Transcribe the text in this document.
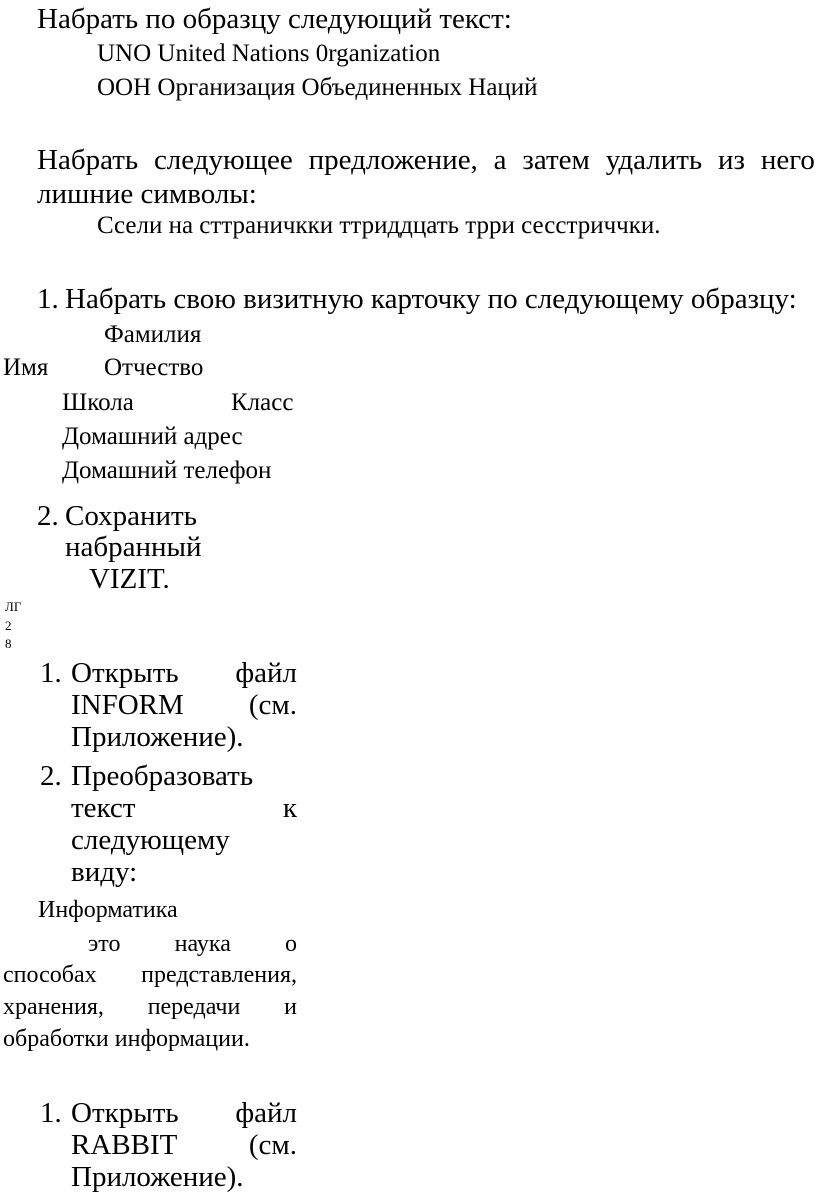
Набрать по образцу следующий текст:
UNO United Nations 0rganization
ООН Организация Объединенных Наций
Набрать следующее предложение, а затем удалить из него
лишние символы:
Ссели на сттраничкки ттриддцать трри сесстриччки.
1. Набрать свою визитную карточку по следующему образцу:
Фамилия
Имя Отчество
Школа	Класс
Домашний адрес
Домашний телефон
2. Сохранить
набранный
VIZIT.
ЛГ
2
8
1. Открыть файл
INFORM (см.
Приложение).
2. Преобразовать
текст	к
следующему
виду:
Информатика
это наука о
способах представления,
хранения, передачи и
обработки информации.
1. Открыть файл
RABBIT (см.
Приложение).
